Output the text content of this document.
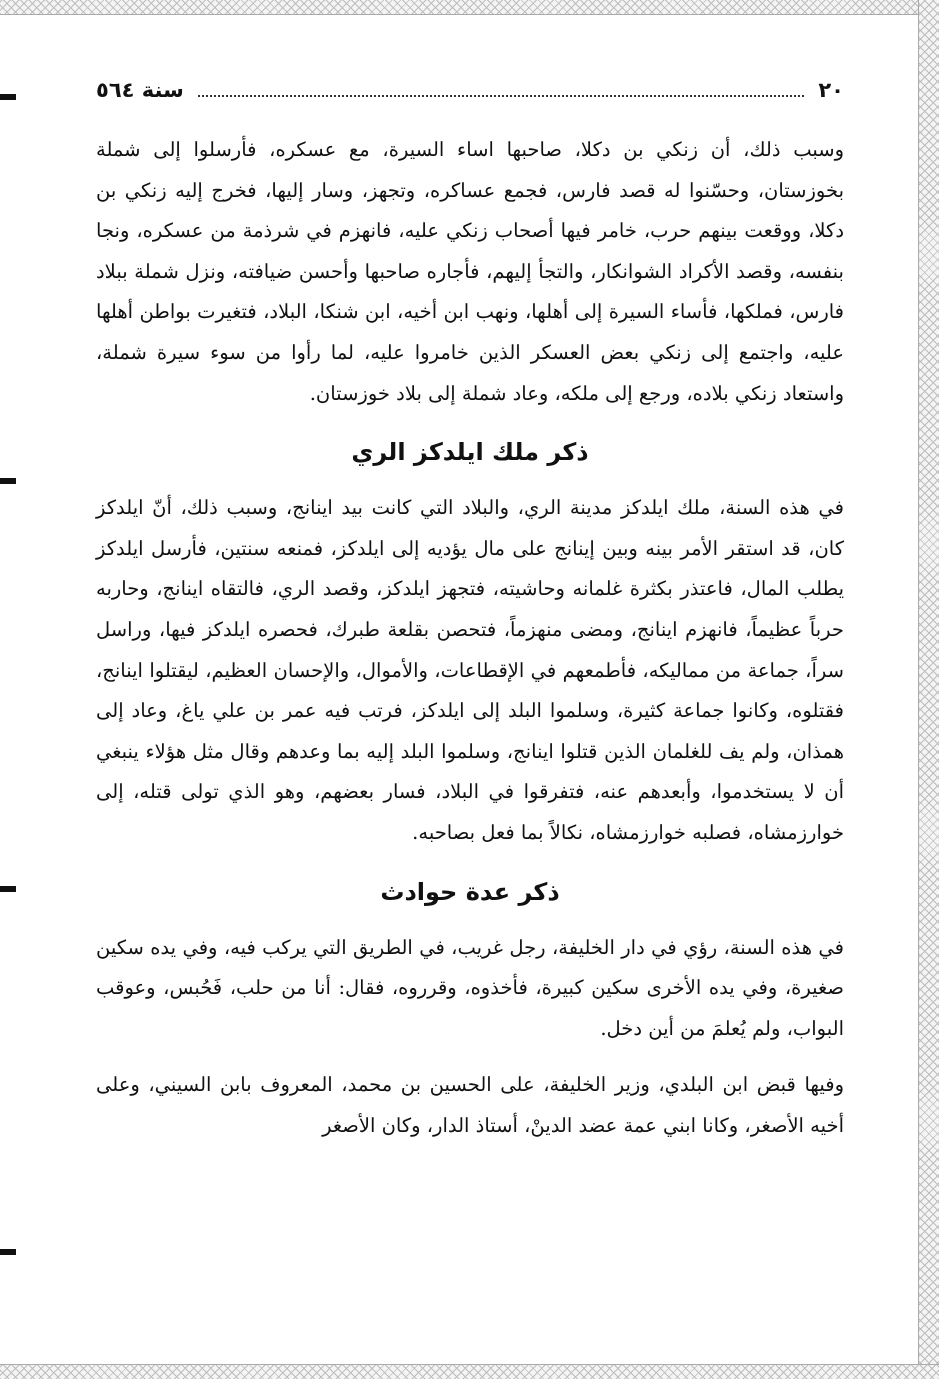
٢٠
سنة ٥٦٤

وسبب ذلك، أن زنكي بن دكلا، صاحبها اساء السيرة، مع عسكره، فأرسلوا إلى شملة بخوزستان، وحسّنوا له قصد فارس، فجمع عساكره، وتجهز، وسار إليها، فخرج إليه زنكي بن دكلا، ووقعت بينهم حرب، خامر فيها أصحاب زنكي عليه، فانهزم في شرذمة من عسكره، ونجا بنفسه، وقصد الأكراد الشوانكار، والتجأ إليهم، فأجاره صاحبها وأحسن ضيافته، ونزل شملة ببلاد فارس، فملكها، فأساء السيرة إلى أهلها، ونهب ابن أخيه، ابن شنكا، البلاد، فتغيرت بواطن أهلها عليه، واجتمع إلى زنكي بعض العسكر الذين خامروا عليه، لما رأوا من سوء سيرة شملة، واستعاد زنكي بلاده، ورجع إلى ملكه، وعاد شملة إلى بلاد خوزستان.

ذكر ملك ايلدكز الري

في هذه السنة، ملك ايلدكز مدينة الري، والبلاد التي كانت بيد اينانج، وسبب ذلك، أنّ ايلدكز كان، قد استقر الأمر بينه وبين إينانج على مال يؤديه إلى ايلدكز، فمنعه سنتين، فأرسل ايلدكز يطلب المال، فاعتذر بكثرة غلمانه وحاشيته، فتجهز ايلدكز، وقصد الري، فالتقاه اينانج، وحاربه حرباً عظيماً، فانهزم اينانج، ومضى منهزماً، فتحصن بقلعة طبرك، فحصره ايلدكز فيها، وراسل سراً، جماعة من مماليكه، فأطمعهم في الإقطاعات، والأموال، والإحسان العظيم، ليقتلوا اينانج، فقتلوه، وكانوا جماعة كثيرة، وسلموا البلد إلى ايلدكز، فرتب فيه عمر بن علي ياغ، وعاد إلى همذان، ولم يف للغلمان الذين قتلوا اينانج، وسلموا البلد إليه بما وعدهم وقال مثل هؤلاء ينبغي أن لا يستخدموا، وأبعدهم عنه، فتفرقوا في البلاد، فسار بعضهم، وهو الذي تولى قتله، إلى خوارزمشاه، فصلبه خوارزمشاه، نكالاً بما فعل بصاحبه.

ذكر عدة حوادث

في هذه السنة، رؤي في دار الخليفة، رجل غريب، في الطريق التي يركب فيه، وفي يده سكين صغيرة، وفي يده الأخرى سكين كبيرة، فأخذوه، وقرروه، فقال: أنا من حلب، فَحُبس، وعوقب البواب، ولم يُعلمَ من أين دخل.

وفيها قبض ابن البلدي، وزير الخليفة، على الحسين بن محمد، المعروف بابن السيني، وعلى أخيه الأصغر، وكانا ابني عمة عضد الدينْ، أستاذ الدار، وكان الأصغر
